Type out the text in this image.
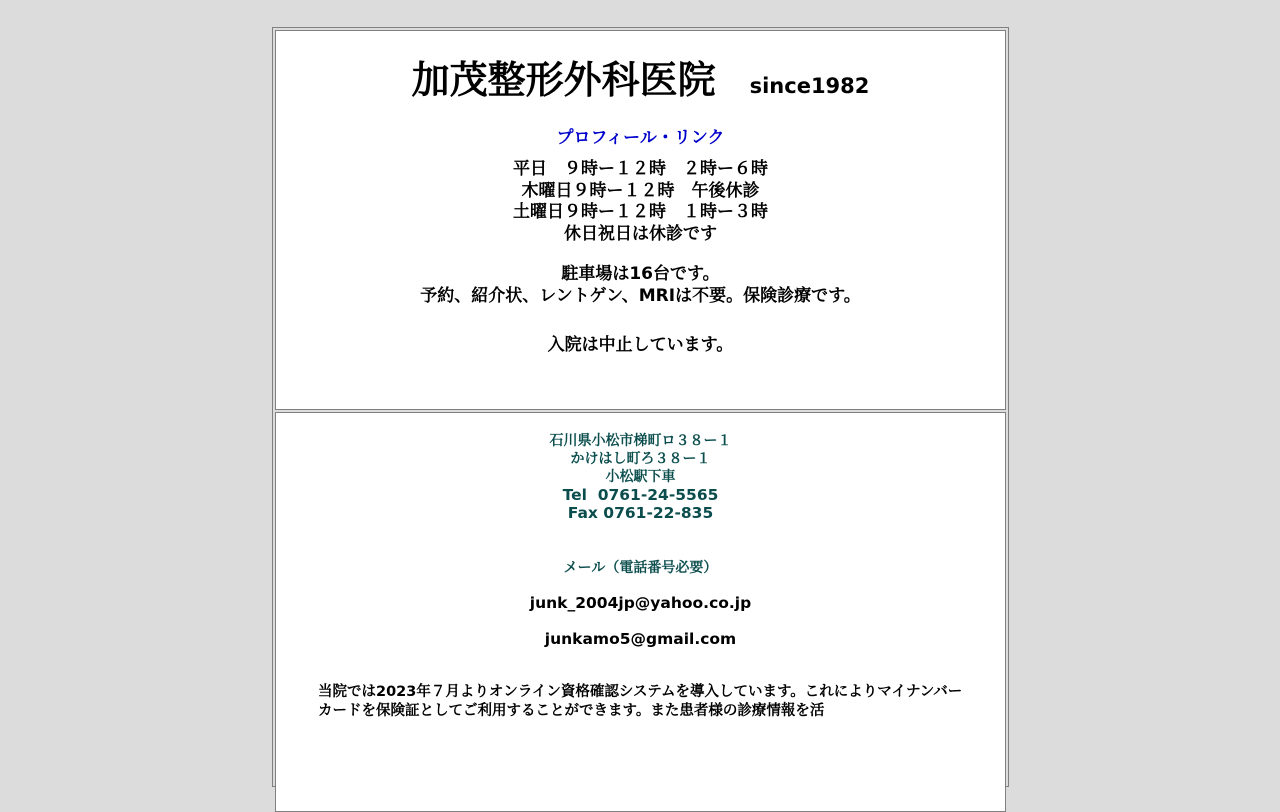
加茂整形外科医院 since1982
プロフィール・リンク
平日　９時ー１２時　２時ー６時
木曜日９時ー１２時　午後休診
土曜日９時ー１２時　１時ー３時
休日祝日は休診です
駐車場は16台です。
予約、紹介状、レントゲン、MRIは不要。保険診療です。
入院は中止しています。
石川県小松市梯町ロ３８ー１
かけはし町ろ３８ー１
小松駅下車
Tel  0761-24-5565
Fax 0761-22-835
メール（電話番号必要）
junk_2004jp@yahoo.co.jp
junkamo5@gmail.com
当院では2023年７月よりオンライン資格確認システムを導入しています。これによりマイナンバーカードを保険証としてご利用することができます。また患者様の診療情報を活
